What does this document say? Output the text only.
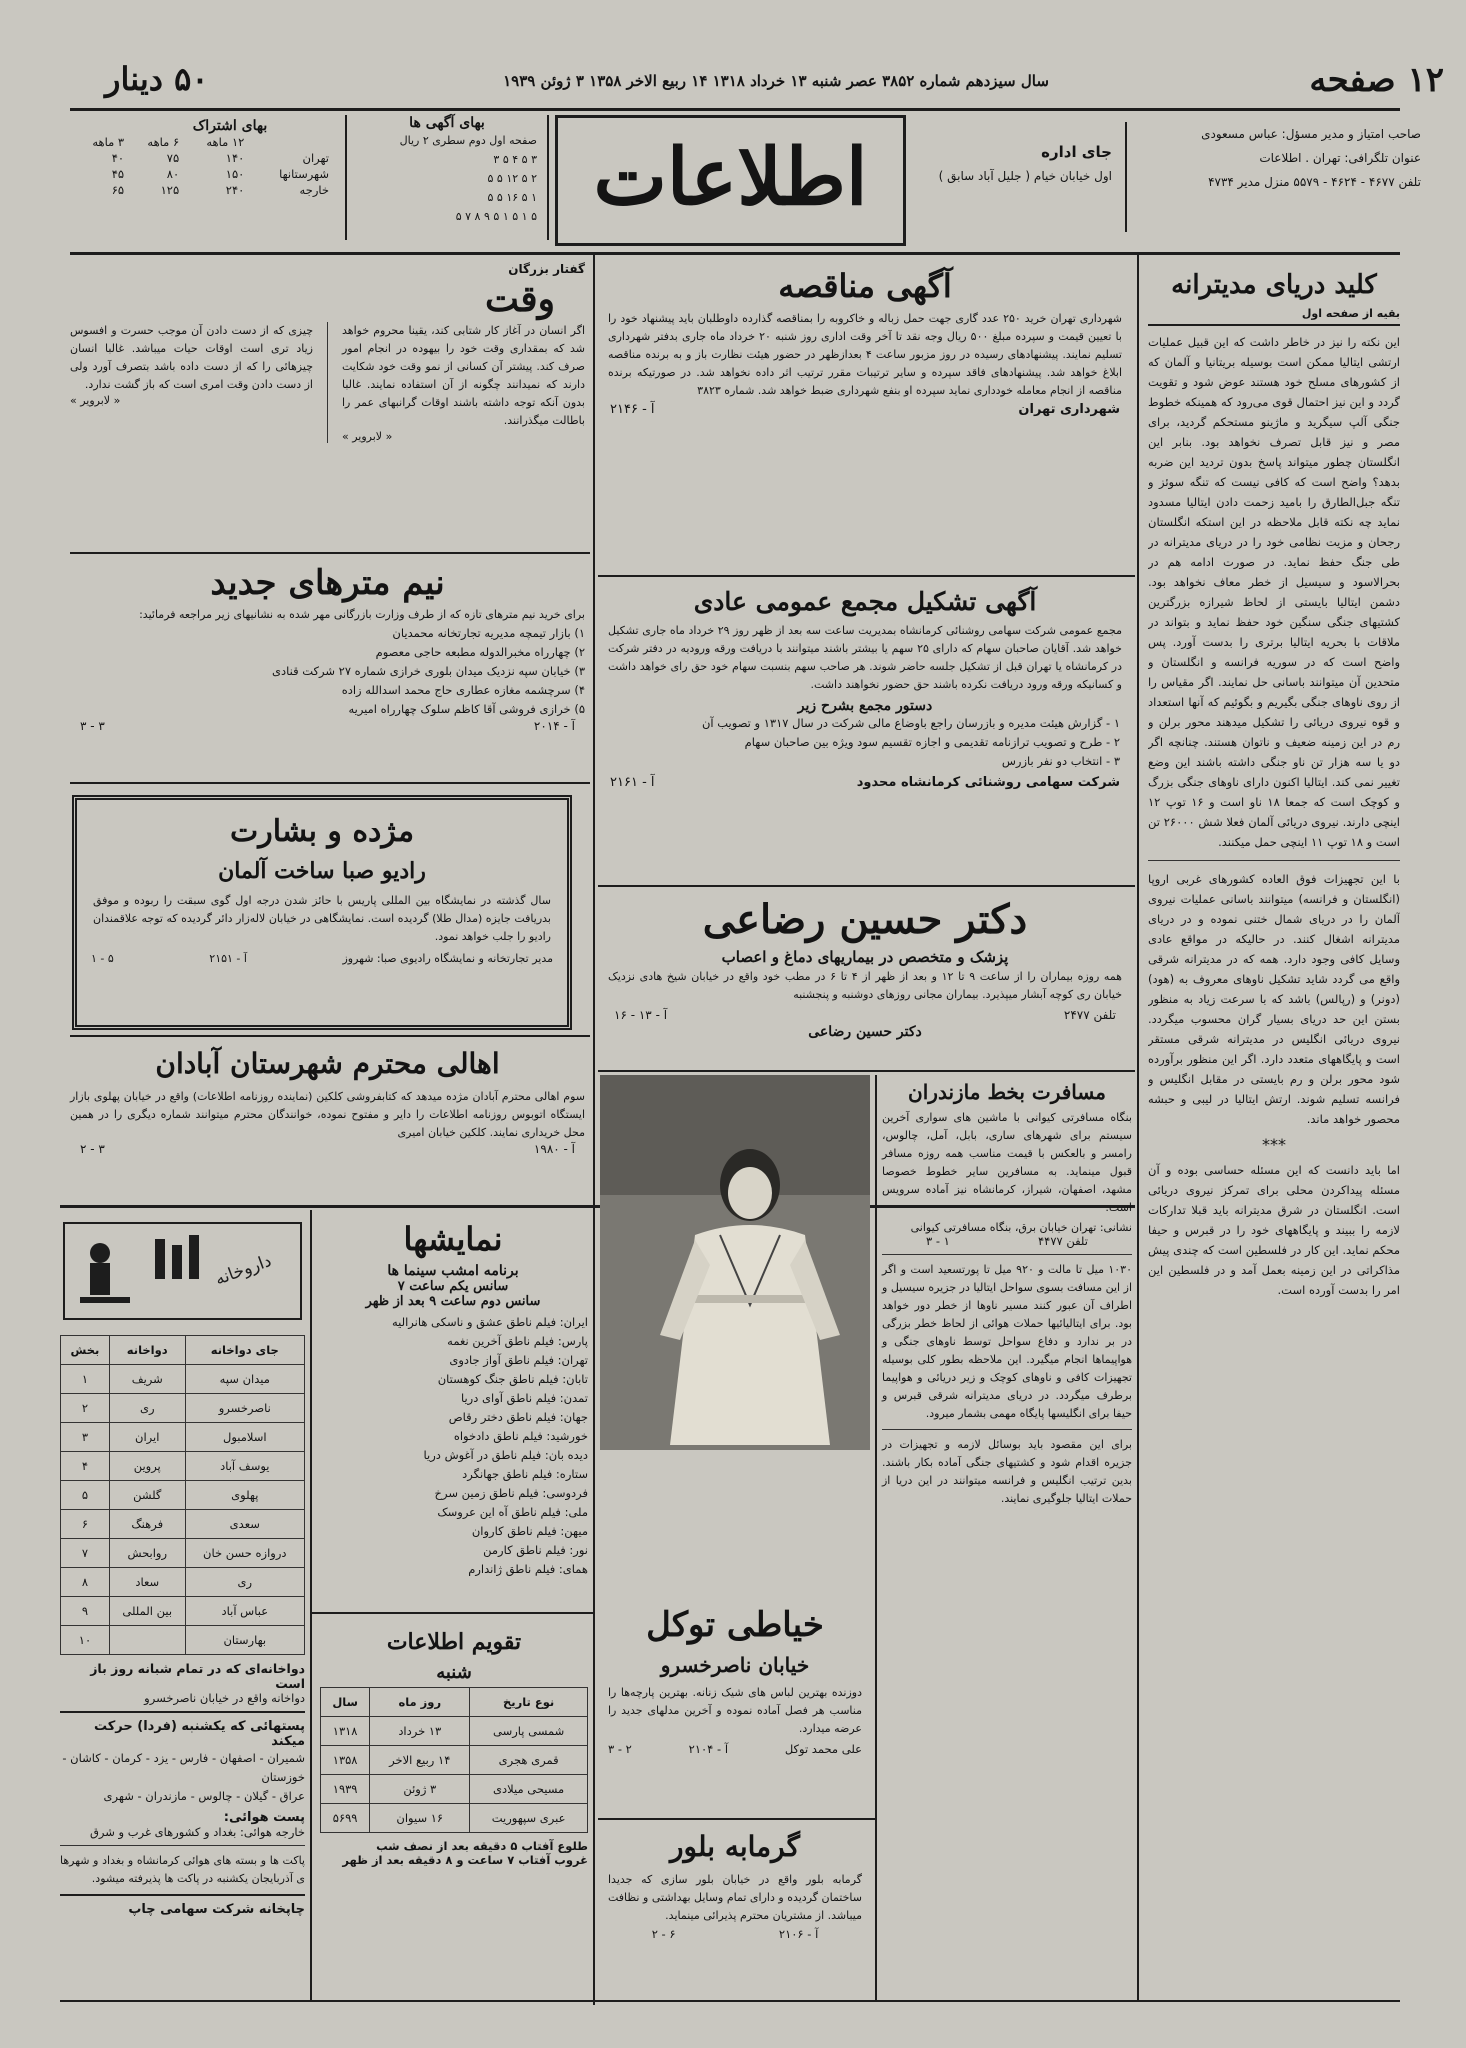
۱۲ صفحه
سال سیزدهم شماره ۳۸۵۲ عصر شنبه ۱۳ خرداد ۱۳۱۸ ۱۴ ربیع الاخر ۱۳۵۸ ۳ ژوئن ۱۹۳۹
۵۰ دینار
صاحب امتیاز و مدیر مسؤل: عباس مسعودی
عنوان تلگرافی: تهران . اطلاعات
تلفن ۴۶۷۷ - ۴۶۲۴ - ۵۵۷۹ منزل مدیر ۴۷۳۴
جای اداره
اول خیابان خیام ( جلیل آباد سابق )
اطلاعات
بهای آگهی ها
صفحه اول دوم سطری ۲ ریال
۳ ۵ ۴ ۵ ۳
۲ ۵ ۱۲ ۵ ۵
۱ ۵ ۱۶ ۵ ۵
۵ ۱ ۵ ۱ ۵ ۹ ۸ ۷ ۵
بهای اشتراک
	۱۲ ماهه	۶ ماهه	۳ ماهه
تهران	۱۴۰	۷۵	۴۰
شهرستانها	۱۵۰	۸۰	۴۵
خارجه	۲۴۰	۱۲۵	۶۵
کلید دریای مدیترانه
بقیه از صفحه اول

این نکته را نیز در خاطر داشت که این قبیل عملیات ارتشی ایتالیا ممکن است بوسیله بریتانیا و آلمان که از کشورهای مسلح خود هستند عوض شود و تقویت گردد و این نیز احتمال قوی می‌رود که همینکه خطوط جنگی آلپ سیگرید و ماژینو مستحکم گردید، برای مصر و نیز قابل تصرف نخواهد بود. بنابر این انگلستان چطور میتواند پاسخ بدون تردید این ضربه بدهد؟ واضح است که کافی نیست که تنگه سوئز و تنگه جبل‌الطارق را بامید زحمت دادن ایتالیا مسدود نماید چه نکته قابل ملاحظه در این استکه انگلستان رجحان و مزیت نظامی خود را در دریای مدیترانه در طی جنگ حفظ نماید. در صورت ادامه هم در بحرالاسود و سیسیل از خطر معاف نخواهد بود. دشمن ایتالیا بایستی از لحاظ شیرازه بزرگترین کشتیهای جنگی سنگین خود حفظ نماید و بتواند در ملاقات با بحریه ایتالیا برتری را بدست آورد. پس واضح است که در سوریه فرانسه و انگلستان و متحدین آن میتوانند باسانی حل نمایند. اگر مقیاس را از روی ناوهای جنگی بگیریم و بگوئیم که آنها استعداد و قوه نیروی دریائی را تشکیل میدهند محور برلن و رم در این زمینه ضعیف و ناتوان هستند. چنانچه اگر دو یا سه هزار تن ناو جنگی داشته باشند این وضع تغییر نمی کند. ایتالیا اکنون دارای ناوهای جنگی بزرگ و کوچک است که جمعا ۱۸ ناو است و ۱۶ توپ ۱۲ اینچی دارند. نیروی دریائی آلمان فعلا شش ۲۶۰۰۰ تن است و ۱۸ توپ ۱۱ اینچی حمل میکنند.

با این تجهیزات فوق العاده کشورهای غربی اروپا (انگلستان و فرانسه) میتوانند باسانی عملیات نیروی آلمان را در دریای شمال ختنی نموده و در دریای مدیترانه اشغال کنند. در حالیکه در مواقع عادی وسایل کافی وجود دارد. همه که در مدیترانه شرقی واقع می گردد شاید تشکیل ناوهای معروف به (هود) (دونر) و (رپالس) باشد که با سرعت زیاد به منظور بستن این حد دریای بسیار گران محسوب میگردد. نیروی دریائی انگلیس در مدیترانه شرقی مستقر است و پایگاههای متعدد دارد. اگر این منظور برآورده شود محور برلن و رم بایستی در مقابل انگلیس و فرانسه تسلیم شوند. ارتش ایتالیا در لیبی و حبشه محصور خواهد ماند.

***

اما باید دانست که این مسئله حساسی بوده و آن مسئله پیداکردن محلی برای تمرکز نیروی دریائی است. انگلستان در شرق مدیترانه باید قبلا تدارکات لازمه را ببیند و پایگاههای خود را در قبرس و حیفا محکم نماید. این کار در فلسطین است که چندی پیش مذاکراتی در این زمینه بعمل آمد و در فلسطین این امر را بدست آورده است.

آگهی مناقصه

شهرداری تهران خرید ۲۵۰ عدد گاری جهت حمل زباله و خاکروبه را بمناقصه گذارده داوطلبان باید پیشنهاد خود را با تعیین قیمت و سپرده مبلغ ۵۰۰ ریال وجه نقد تا آخر وقت اداری روز شنبه ۲۰ خرداد ماه جاری بدفتر شهرداری تسلیم نمایند. پیشنهادهای رسیده در روز مزبور ساعت ۴ بعدازظهر در حضور هیئت نظارت باز و به برنده مناقصه ابلاغ خواهد شد. پیشنهادهای فاقد سپرده و سایر ترتیبات مقرر ترتیب اثر داده نخواهد شد. در صورتیکه برنده مناقصه از انجام معامله خودداری نماید سپرده او بنفع شهرداری ضبط خواهد شد. شماره ۳۸۲۳

آ - ۲۱۴۶	شهرداری تهران
آگهی تشکیل مجمع عمومی عادی

مجمع عمومی شرکت سهامی روشنائی کرمانشاه بمدیریت ساعت سه بعد از ظهر روز ۲۹ خرداد ماه جاری تشکیل خواهد شد. آقایان صاحبان سهام که دارای ۲۵ سهم یا بیشتر باشند میتوانند با دریافت ورقه ورودیه در دفتر شرکت در کرمانشاه یا تهران قبل از تشکیل جلسه حاضر شوند. هر صاحب سهم بنسبت سهام خود حق رای خواهد داشت و کسانیکه ورقه ورود دریافت نکرده باشند حق حضور نخواهند داشت.

دستور مجمع بشرح زیر
۱ - گزارش هیئت مدیره و بازرسان راجع باوضاع مالی شرکت در سال ۱۳۱۷ و تصویب آن
۲ - طرح و تصویب ترازنامه تقدیمی و اجازه تقسیم سود ویژه بین صاحبان سهام
۳ - انتخاب دو نفر بازرس
آ - ۲۱۶۱	شرکت سهامی روشنائی کرمانشاه محدود
دکتر حسین رضاعی
پزشک و متخصص در بیماریهای دماغ و اعصاب

همه روزه بیماران را از ساعت ۹ تا ۱۲ و بعد از ظهر از ۴ تا ۶ در مطب خود واقع در خیابان شیخ هادی نزدیک خیابان ری کوچه آبشار میپذیرد. بیماران مجانی روزهای دوشنبه و پنجشنبه

تلفن ۲۴۷۷
آ - ۱۳ - ۱۶
دکتر حسین رضاعی
گفتار بزرگان
وقت

اگر انسان در آغاز کار شتابی کند، یقینا محروم خواهد شد که بمقداری وقت خود را بیهوده در انجام امور صرف کند. پیشتر آن کسانی از نمو وقت خود شکایت دارند که نمیدانند چگونه از آن استفاده نمایند. غالبا بدون آنکه توجه داشته باشند اوقات گرانبهای عمر را باطالت میگذرانند.

« لابرویر »

چیزی که از دست دادن آن موجب حسرت و افسوس زیاد تری است اوقات حیات میباشد. غالبا انسان چیزهائی را که از دست داده باشد بتصرف آورد ولی از دست دادن وقت امری است که باز گشت ندارد.

« لابرویر »
نیم مترهای جدید

برای خرید نیم مترهای تازه که از طرف وزارت بازرگانی مهر شده به نشانیهای زیر مراجعه فرمائید:

۱) بازار تیمچه مدیریه تجارتخانه محمدیان
۲) چهارراه مخبرالدوله مطبعه حاجی معصوم
۳) خیابان سپه نزدیک میدان بلوری خرازی شماره ۲۷ شرکت قنادی
۴) سرچشمه مغازه عطاری حاج محمد اسدالله زاده
۵) خرازی فروشی آقا کاظم سلوک چهارراه امیریه
۳ - ۳	آ - ۲۰۱۴
مژده و بشارت
رادیو صبا ساخت آلمان

سال گذشته در نمایشگاه بین المللی پاریس با حائز شدن درجه اول گوی سبقت را ربوده و موفق بدریافت جایزه (مدال طلا) گردیده است. نمایشگاهی در خیابان لاله‌زار دائر گردیده که توجه علاقمندان رادیو را جلب خواهد نمود.

مدیر تجارتخانه و نمایشگاه رادیوی صبا: شهروز
آ - ۲۱۵۱
۵ - ۱
اهالی محترم شهرستان آبادان

سوم اهالی محترم آبادان مژده میدهد که کتابفروشی کلکین (نماینده روزنامه اطلاعات) واقع در خیابان پهلوی بازار ایستگاه اتوبوس روزنامه اطلاعات را دایر و مفتوح نموده، خوانندگان محترم میتوانند شماره دیگری را در همین محل خریداری نمایند. کلکین خیابان امیری

۲ - ۳	آ - ۱۹۸۰
داروخانه
بخش	دواخانه	جای دواخانه
۱	شریف	میدان سپه
۲	ری	ناصرخسرو
۳	ایران	اسلامبول
۴	پروین	یوسف آباد
۵	گلشن	پهلوی
۶	فرهنگ	سعدی
۷	روابحش	دروازه حسن خان
۸	سعاد	ری
۹	بین المللی	عباس آباد
۱۰		بهارستان
دواخانه‌ای که در تمام شبانه روز باز است
دواخانه واقع در خیابان ناصرخسرو
پستهائی که یکشنبه (فردا) حرکت میکند
شمیران - اصفهان - فارس - یزد - کرمان - کاشان - خوزستان
عراق - گیلان - چالوس - مازندران - شهری
پست هوائی:
خارجه هوائی: بغداد و کشورهای غرب و شرق

پاکت ها و بسته های هوائی کرمانشاه و بغداد و شهرها ی آذربایجان یکشنبه در پاکت ها پذیرفته میشود.

چاپخانه شرکت سهامی چاپ
نمایشها
برنامه امشب سینما ها
سانس یکم ساعت ۷
سانس دوم ساعت ۹ بعد از ظهر
ایران: فیلم ناطق عشق و ناسکی هانرالیه
پارس: فیلم ناطق آخرین نغمه
تهران: فیلم ناطق آواز جادوی
تابان: فیلم ناطق جنگ کوهستان
تمدن: فیلم ناطق آوای دریا
جهان: فیلم ناطق دختر رقاص
خورشید: فیلم ناطق دادخواه
دیده بان: فیلم ناطق در آغوش دریا
ستاره: فیلم ناطق جهانگرد
فردوسی: فیلم ناطق زمین سرخ
ملی: فیلم ناطق آه این عروسک
میهن: فیلم ناطق کاروان
نور: فیلم ناطق کارمن
همای: فیلم ناطق ژاندارم
تقویم اطلاعات
شنبه
نوع تاریخ	روز ماه	سال
شمسی پارسی	۱۳ خرداد	۱۳۱۸
قمری هجری	۱۴ ربیع الاخر	۱۳۵۸
مسیحی میلادی	۳ ژوئن	۱۹۳۹
عبری سپهوریت	۱۶ سیوان	۵۶۹۹
طلوع آفتاب ۵ دقیقه بعد از نصف شب
غروب آفتاب ۷ ساعت و ۸ دقیقه بعد از ظهر
مسافرت بخط مازندران

بنگاه مسافرتی کیوانی با ماشین های سواری آخرین سیستم برای شهرهای ساری، بابل، آمل، چالوس، رامسر و بالعکس با قیمت مناسب همه روزه مسافر قبول مینماید. به مسافرین سایر خطوط خصوصا مشهد، اصفهان، شیراز، کرمانشاه نیز آماده سرویس است.

نشانی: تهران خیابان برق، بنگاه مسافرتی کیوانی
۳ - ۱	تلفن ۴۴۷۷

۱۰۳۰ میل تا مالت و ۹۲۰ میل تا پورتسعید است و اگر از این مسافت بسوی سواحل ایتالیا در جزیره سیسیل و اطراف آن عبور کنند مسیر ناوها از خطر دور خواهد بود. برای ایتالیائیها حملات هوائی از لحاظ خطر بزرگی در بر ندارد و دفاع سواحل توسط ناوهای جنگی و هواپیماها انجام میگیرد. این ملاحظه بطور کلی بوسیله تجهیزات کافی و ناوهای کوچک و زیر دریائی و هواپیما برطرف میگردد. در دریای مدیترانه شرقی قبرس و حیفا برای انگلیسها پایگاه مهمی بشمار میرود.

برای این مقصود باید بوسائل لازمه و تجهیزات در جزیره اقدام شود و کشتیهای جنگی آماده بکار باشند. بدین ترتیب انگلیس و فرانسه میتوانند در این دریا از حملات ایتالیا جلوگیری نمایند.

خیاطی توکل
خیابان ناصرخسرو

دوزنده بهترین لباس های شیک زنانه. بهترین پارچه‌ها را مناسب هر فصل آماده نموده و آخرین مدلهای جدید را عرضه میدارد.

علی محمد توکل
آ - ۲۱۰۴
۲ - ۳
گرمابه بلور

گرمابه بلور واقع در خیابان بلور سازی که جدیدا ساختمان گردیده و دارای تمام وسایل بهداشتی و نظافت میباشد. از مشتریان محترم پذیرائی مینماید.

۲ - ۶	آ - ۲۱۰۶
